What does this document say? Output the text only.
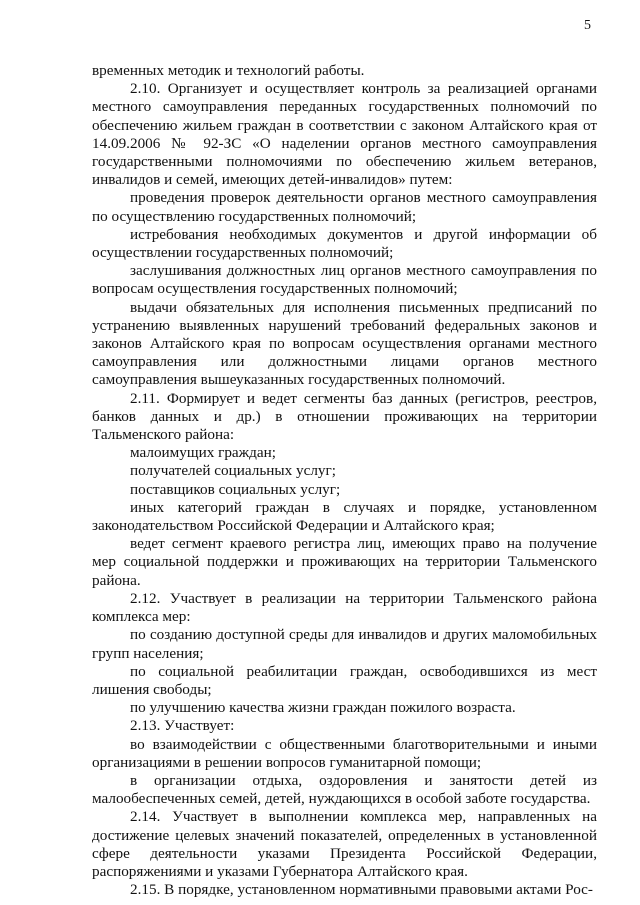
5

временных методик и технологий работы.

2.10. Организует и осуществляет контроль за реализацией органами местного самоуправления переданных государственных полномочий по обеспечению жильем граждан в соответствии с законом Алтайского края от 14.09.2006 № 92-ЗС «О наделении органов местного самоуправления государственными полномочиями по обеспечению жильем ветеранов, инвалидов и семей, имеющих детей-инвалидов» путем:

проведения проверок деятельности органов местного самоуправления по осуществлению государственных полномочий;

истребования необходимых документов и другой информации об осуществлении государственных полномочий;

заслушивания должностных лиц органов местного самоуправления по вопросам осуществления государственных полномочий;

выдачи обязательных для исполнения письменных предписаний по устранению выявленных нарушений требований федеральных законов и законов Алтайского края по вопросам осуществления органами местного самоуправления или должностными лицами органов местного самоуправления вышеуказанных государственных полномочий.

2.11. Формирует и ведет сегменты баз данных (регистров, реестров, банков данных и др.) в отношении проживающих на территории Тальменского района:

малоимущих граждан;

получателей социальных услуг;

поставщиков социальных услуг;

иных категорий граждан в случаях и порядке, установленном законодательством Российской Федерации и Алтайского края;

ведет сегмент краевого регистра лиц, имеющих право на получение мер социальной поддержки и проживающих на территории Тальменского района.

2.12. Участвует в реализации на территории Тальменского района комплекса мер:

по созданию доступной среды для инвалидов и других маломобильных групп населения;

по социальной реабилитации граждан, освободившихся из мест лишения свободы;

по улучшению качества жизни граждан пожилого возраста.

2.13. Участвует:

во взаимодействии с общественными благотворительными и иными организациями в решении вопросов гуманитарной помощи;

в организации отдыха, оздоровления и занятости детей из малообеспеченных семей, детей, нуждающихся в особой заботе государства.

2.14. Участвует в выполнении комплекса мер, направленных на достижение целевых значений показателей, определенных в установленной сфере деятельности указами Президента Российской Федерации, распоряжениями и указами Губернатора Алтайского края.

2.15. В порядке, установленном нормативными правовыми актами Рос-
